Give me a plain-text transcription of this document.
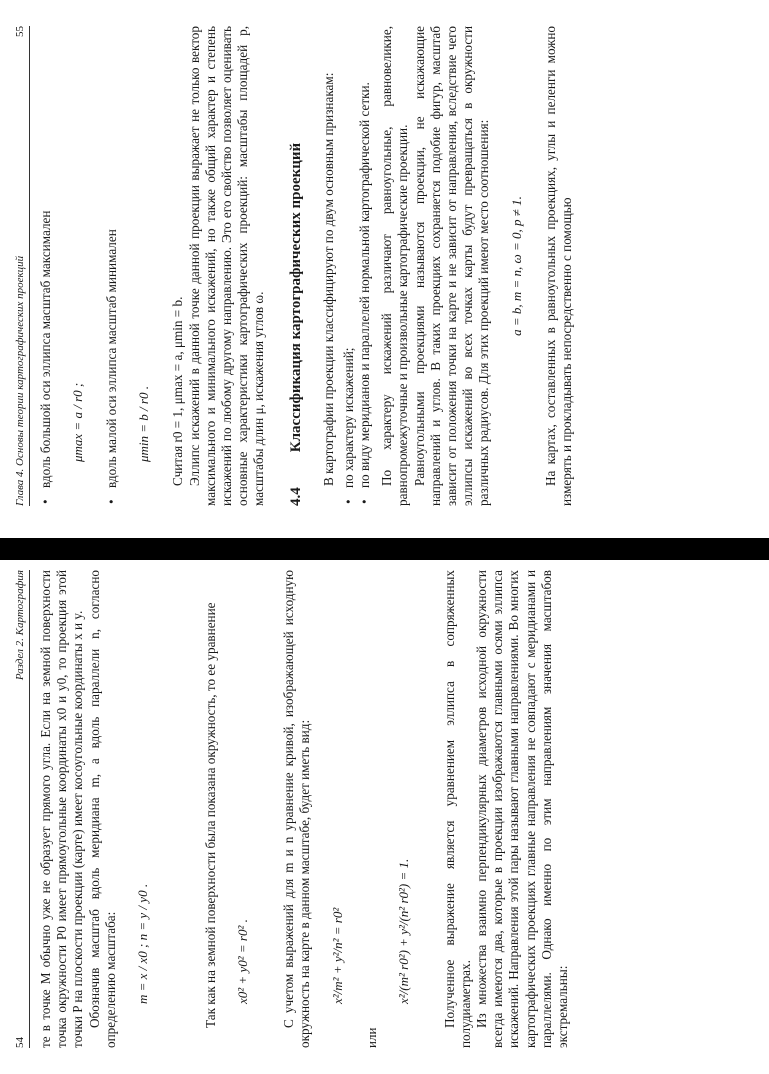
54
Раздел 2. Картография те в точке M обычно уже не образует прямого угла. Если на земной поверхности точка окружности P0 имеет прямоугольные координаты x0 и y0, то проекция этой точки P на плоскости проекции (карте) имеет косоугольные координаты x и y. Обозначив масштаб вдоль меридиана m, а вдоль параллели n, согласно определению масштаба: m = x / x0 ; n = y / y0 .	Так как на земной поверхности была показана окружность, то ее уравнение x0² + y0² = r0² . С учетом выражений для m и n уравнение кривой, изображающей исходную окружность на карте в данном масштабе, будет иметь вид: x²/m² + y²/n² = r0²
или
x²/(m² r0²) + y²/(n² r0²) = 1. Полученное выражение является уравнением эллипса в сопряженных полудиаметрах. Из множества взаимно перпендикулярных диаметров исходной окружности всегда имеются два, которые в проекции изображаются главными осями эллипса искажений. Направления этой пары называют главными направлениями. Во многих картографических проекциях главные направления не совпадают с меридианами и параллелями. Однако именно по этим направлениям значения масштабов экстремальны:

Глава 4. Основы теории картографических проекций
55
• вдоль большой оси эллипса масштаб максимален μmax = a / r0 ; • вдоль малой оси эллипса масштаб минимален μmin = b / r0 . Считая r0 = 1, μmax = a, μmin = b. Эллипс искажений в данной точке данной проекции выражает не только вектор максимального и минимального искажений, но также общий характер и степень искажений по любому другому направлению. Это его свойство позволяет оценивать основные характеристики картографических проекций: масштабы площадей p, масштабы длин μ, искажения углов ω. 4.4 Классификация картографических проекций В картографии проекции классифицируют по двум основным признакам: • по характеру искажений; • по виду меридианов и параллелей нормальной картографической сетки. По характеру искажений различают равноугольные, равновеликие, равнопромежуточные и произвольные картографические проекции. Равноугольными проекциями называются проекции, не искажающие направлений и углов. В таких проекциях сохраняется подобие фигур, масштаб зависит от положения точки на карте и не зависит от направления, вследствие чего эллипсы искажений во всех точках карты будут превращаться в окружности различных радиусов. Для этих проекций имеют место соотношения: a = b, m = n, ω = 0, p ≠ 1. На картах, составленных в равноугольных проекциях, углы и пеленги можно измерять и прокладывать непосредственно с помощью
